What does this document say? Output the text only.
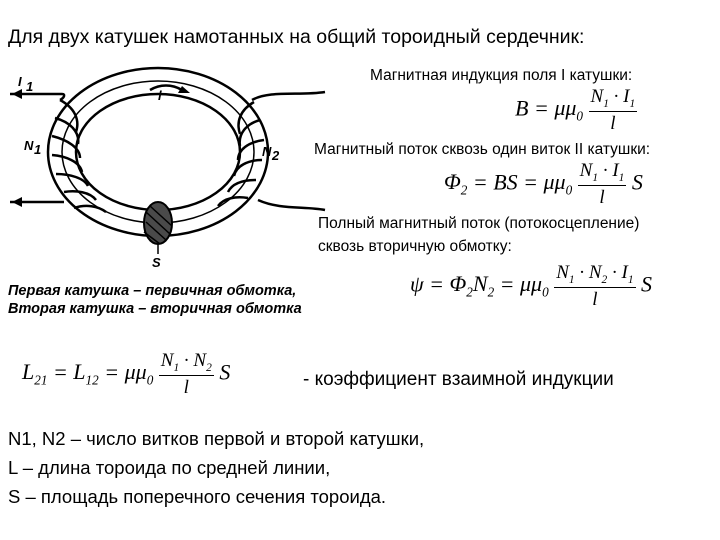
Для двух катушек намотанных на общий тороидный сердечник:
I 1
N 1	N 2
S
l
Магнитная индукция поля I катушки:
$B = \mu\mu_0 \frac{N_1 \cdot I_1}{l}$
Магнитный поток сквозь один виток II катушки:
$\Phi_2$ = BS = $\mu\mu_0 \frac{N_1 \cdot I_1}{l}$ S
Полный магнитный поток (потокосцепление)
сквозь вторичную обмотку:
$\psi = \Phi_2N_2 = \mu\mu_0 \frac{N_1 \cdot N_2 \cdot I_1}{l}$ S
Первая катушка – первичная обмотка,
Вторая катушка – вторичная обмотка
$L_{21} = L_{12} = \mu\mu_0 \frac{N_1 \cdot N_2}{l}$ S	- коэффициент взаимной индукции
N1, N2 – число витков первой и второй катушки,
L – длина тороида по средней линии,
S – площадь поперечного сечения тороида.
